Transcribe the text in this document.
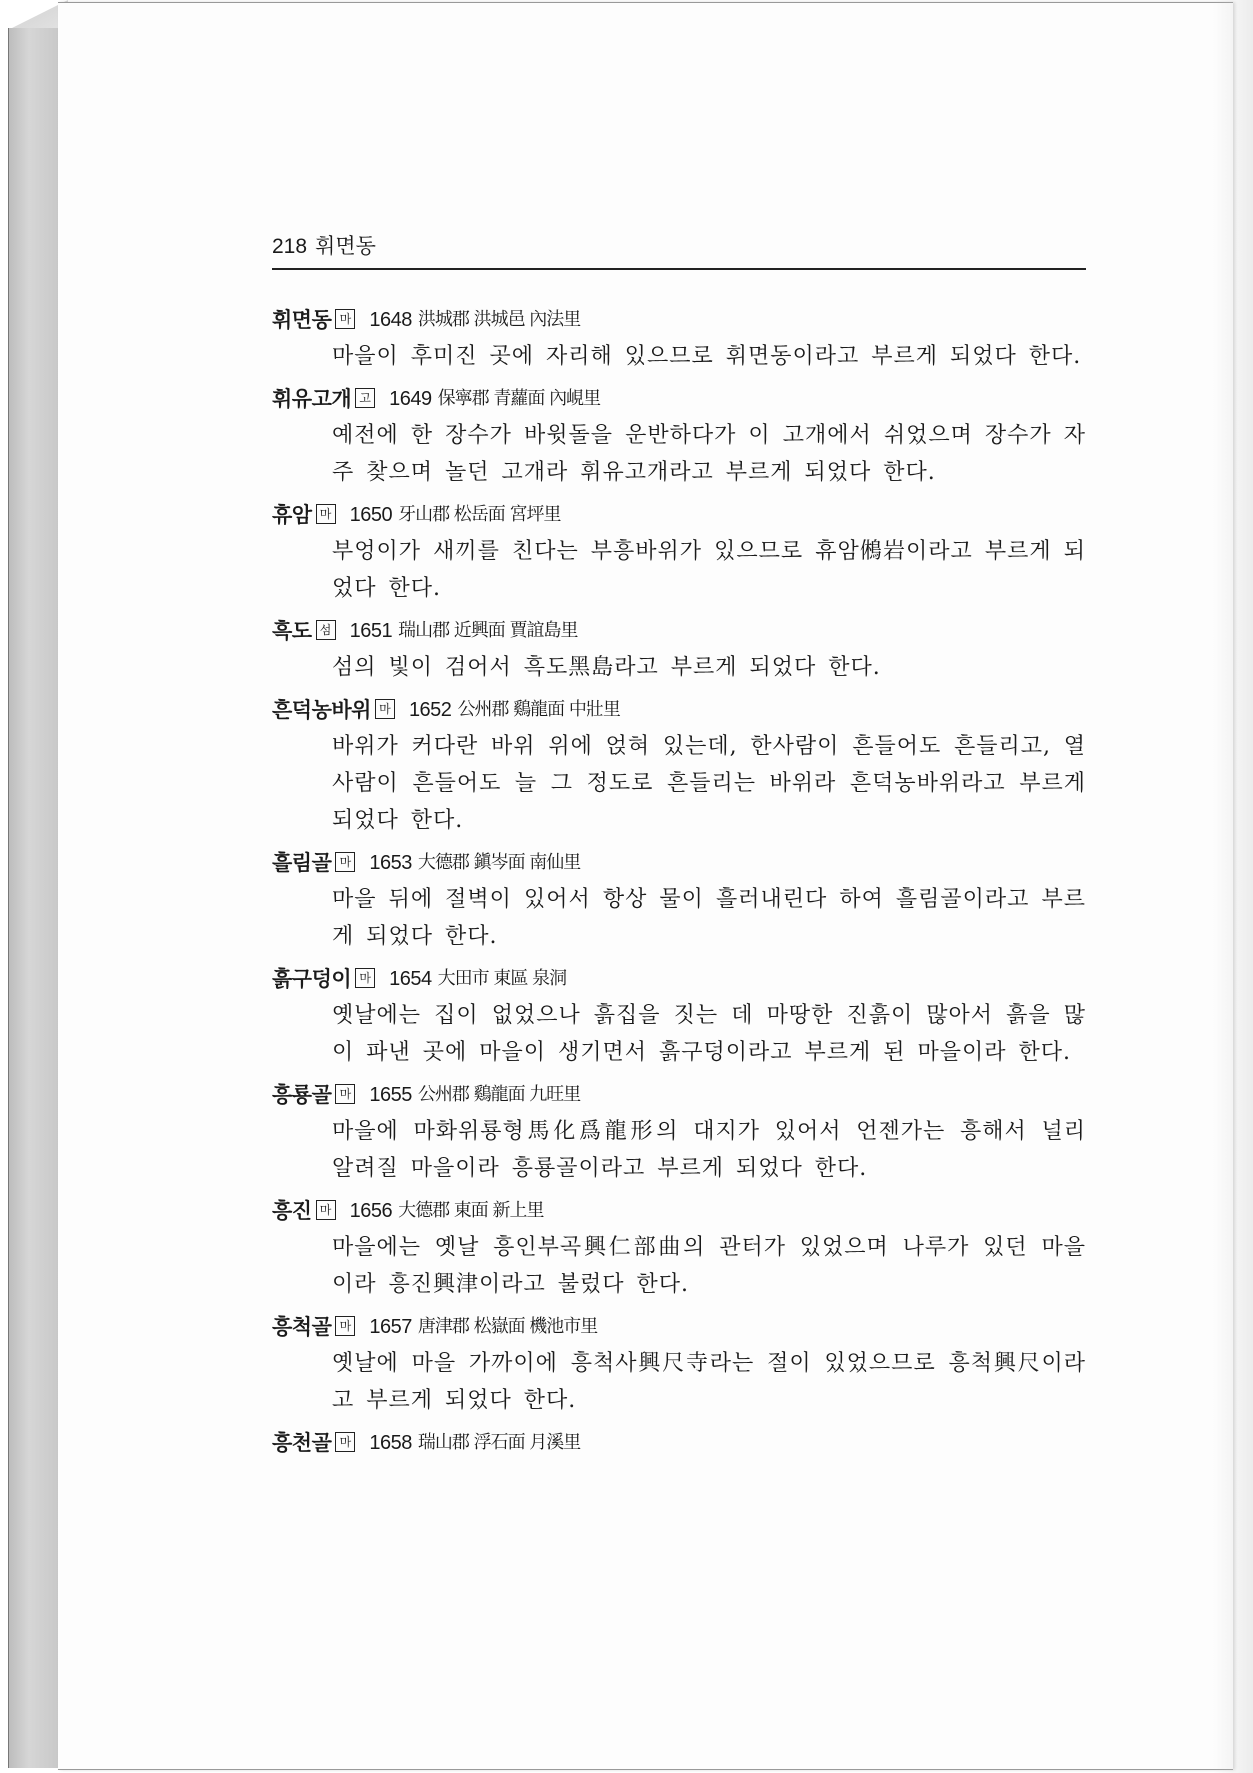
218 휘면동
휘면동 마 1648 洪城郡 洪城邑 內法里
마을이 후미진 곳에 자리해 있으므로 휘면동이라고 부르게 되었다 한다.
휘유고개 고 1649 保寧郡 青蘿面 內峴里
예전에 한 장수가 바윗돌을 운반하다가 이 고개에서 쉬었으며 장수가 자주 찾으며 놀던 고개라 휘유고개라고 부르게 되었다 한다.
휴암 마 1650 牙山郡 松岳面 宮坪里
부엉이가 새끼를 친다는 부흥바위가 있으므로 휴암鵂岩이라고 부르게 되었다 한다.
흑도 섬 1651 瑞山郡 近興面 賈誼島里
섬의 빛이 검어서 흑도黑島라고 부르게 되었다 한다.
흔덕농바위 마 1652 公州郡 鷄龍面 中壯里
바위가 커다란 바위 위에 얹혀 있는데, 한사람이 흔들어도 흔들리고, 열 사람이 흔들어도 늘 그 정도로 흔들리는 바위라 흔덕농바위라고 부르게 되었다 한다.
흘림골 마 1653 大德郡 鎭岑面 南仙里
마을 뒤에 절벽이 있어서 항상 물이 흘러내린다 하여 흘림골이라고 부르게 되었다 한다.
흙구덩이 마 1654 大田市 東區 泉洞
옛날에는 집이 없었으나 흙집을 짓는 데 마땅한 진흙이 많아서 흙을 많이 파낸 곳에 마을이 생기면서 흙구덩이라고 부르게 된 마을이라 한다.
흥룡골 마 1655 公州郡 鷄龍面 九旺里
마을에 마화위룡형馬化爲龍形의 대지가 있어서 언젠가는 흥해서 널리 알려질 마을이라 흥룡골이라고 부르게 되었다 한다.
흥진 마 1656 大德郡 東面 新上里
마을에는 옛날 흥인부곡興仁部曲의 관터가 있었으며 나루가 있던 마을이라 흥진興津이라고 불렀다 한다.
흥척골 마 1657 唐津郡 松嶽面 機池市里
옛날에 마을 가까이에 흥척사興尺寺라는 절이 있었으므로 흥척興尺이라고 부르게 되었다 한다.
흥천골 마 1658 瑞山郡 浮石面 月溪里
